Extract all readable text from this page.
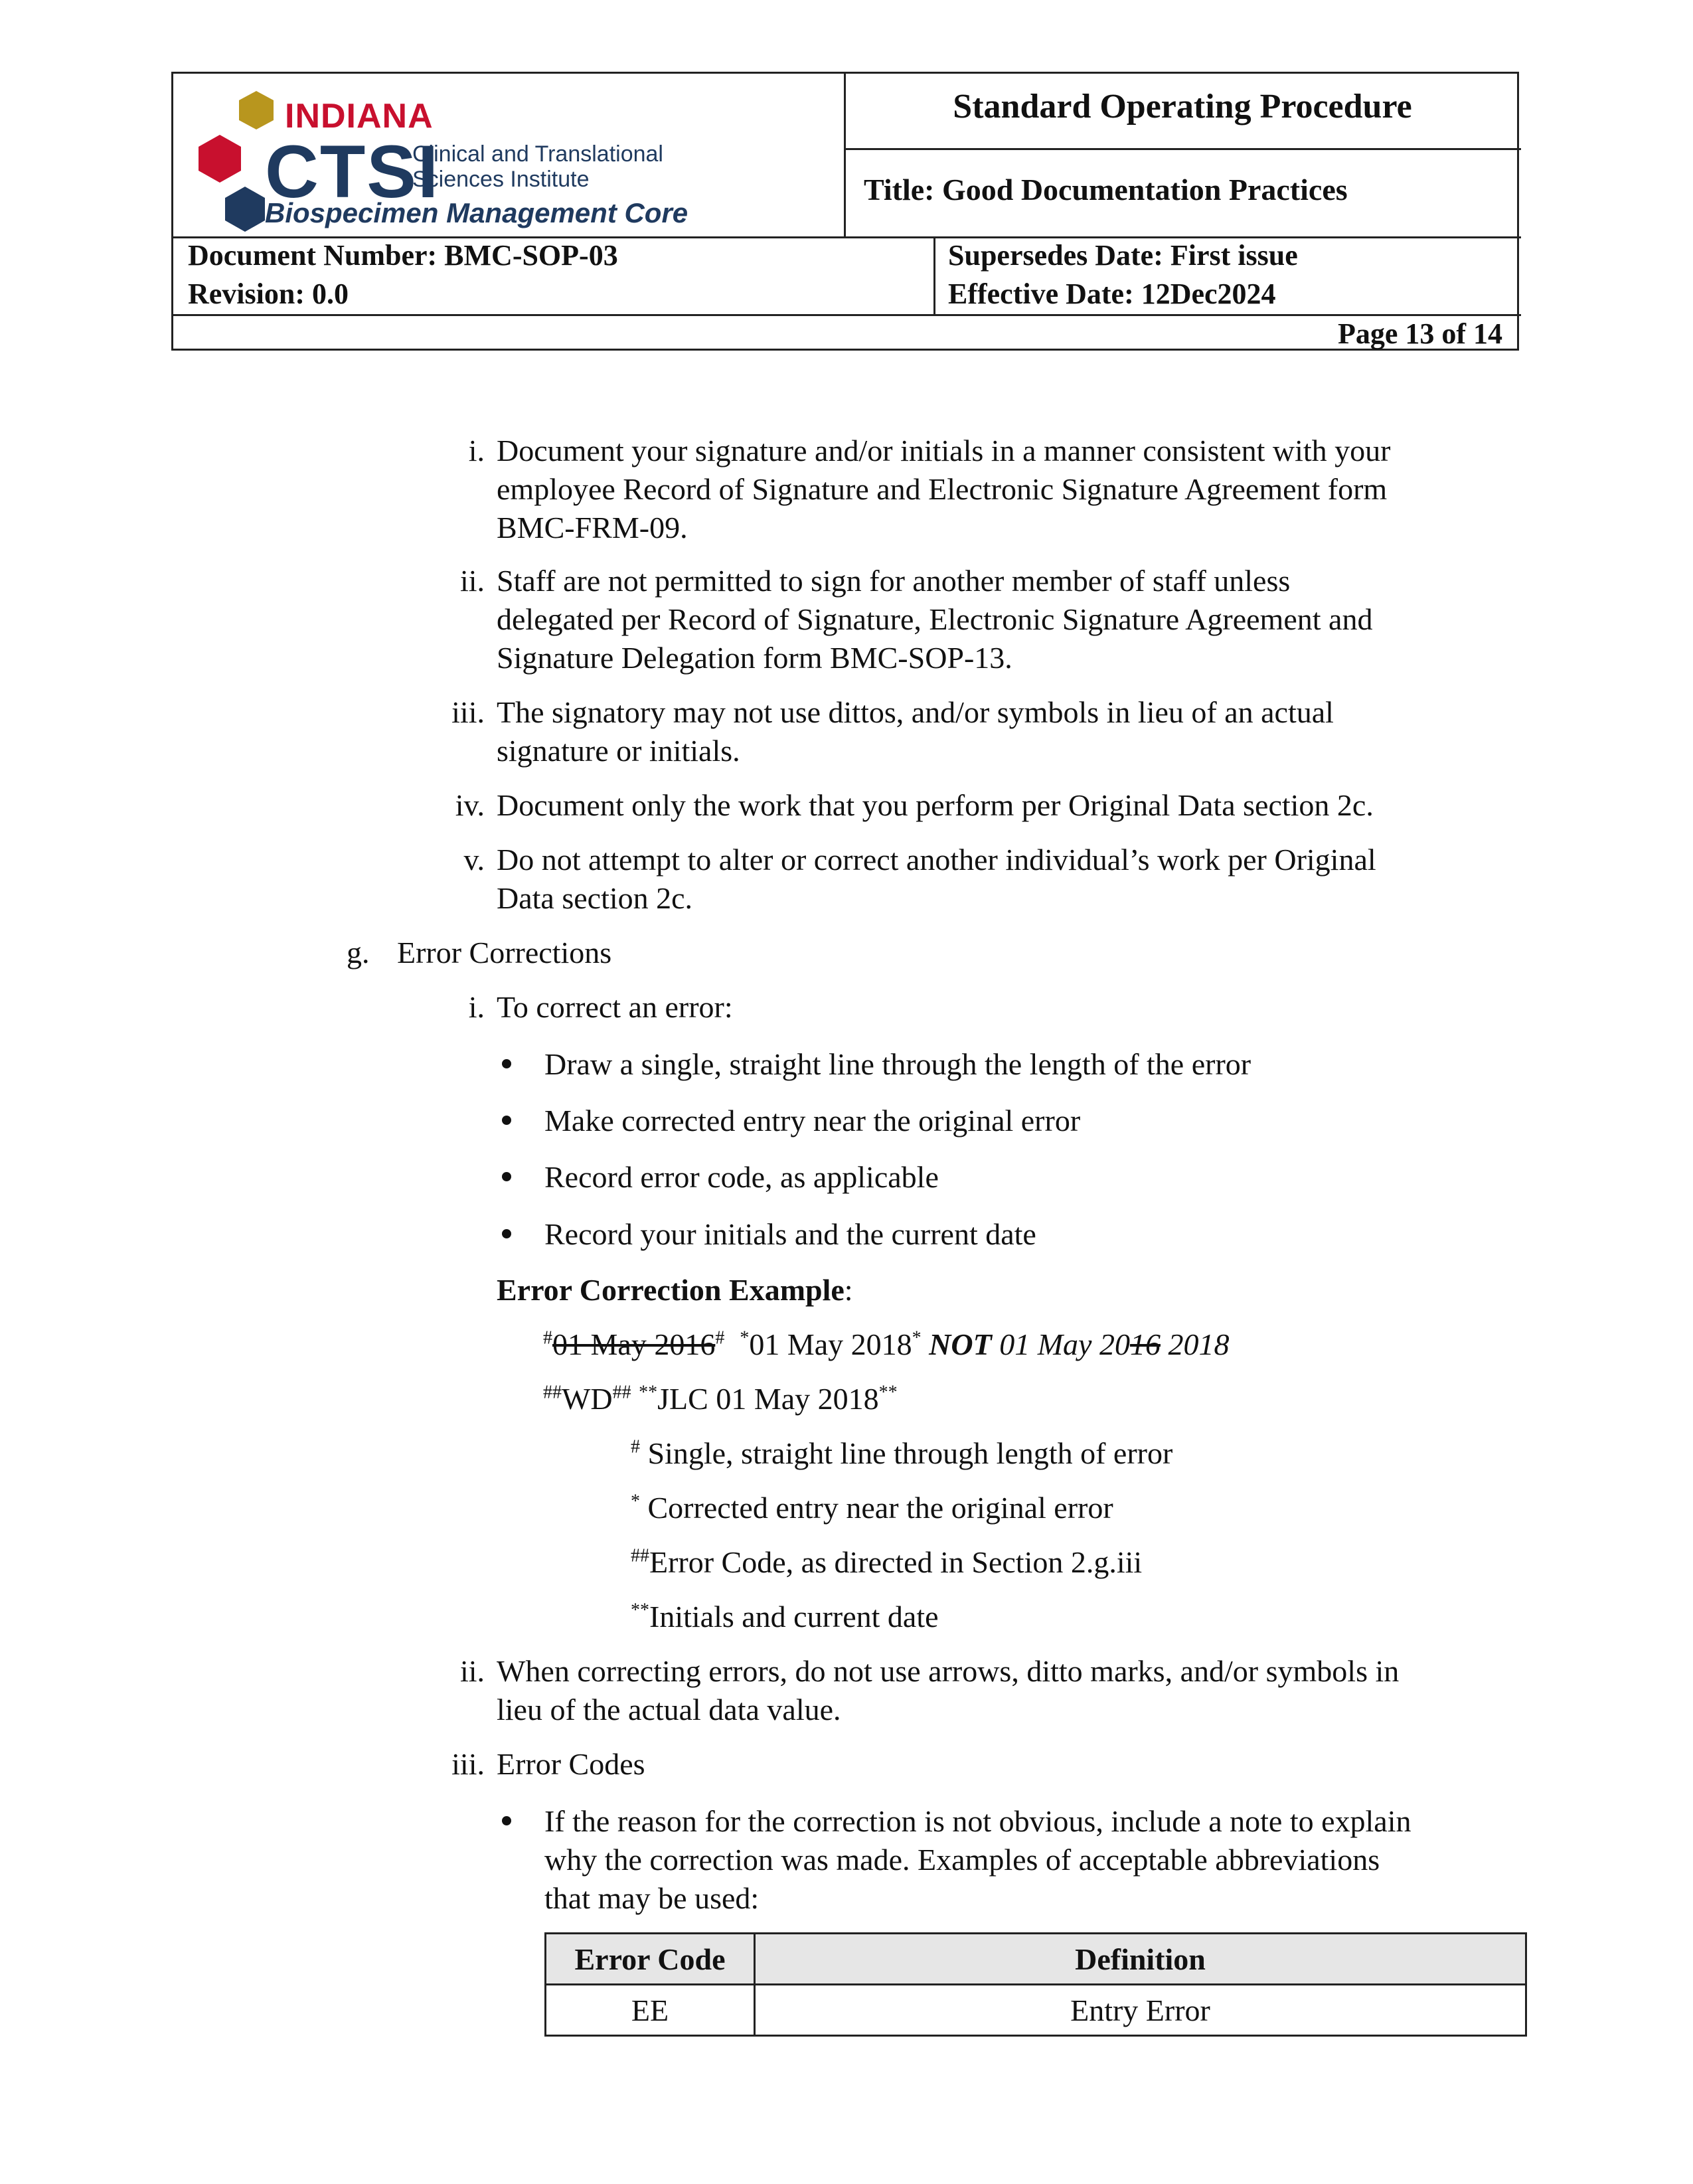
INDIANA
CTSI
Clinical and Translational
Sciences Institute
Biospecimen Management Core
Standard Operating Procedure
Title: Good Documentation Practices
Document Number: BMC-SOP-03
Revision: 0.0
Supersedes Date: First issue
Effective Date: 12Dec2024
Page 13 of 14
i. Document your signature and/or initials in a manner consistent with your
employee Record of Signature and Electronic Signature Agreement form
BMC-FRM-09.
ii. Staff are not permitted to sign for another member of staff unless
delegated per Record of Signature, Electronic Signature Agreement and
Signature Delegation form BMC-SOP-13.
iii. The signatory may not use dittos, and/or symbols in lieu of an actual
signature or initials.
iv. Document only the work that you perform per Original Data section 2c.
v. Do not attempt to alter or correct another individual’s work per Original
Data section 2c.
g. Error Corrections
i. To correct an error:
Draw a single, straight line through the length of the error
Make corrected entry near the original error
Record error code, as applicable
Record your initials and the current date
Error Correction Example:
#01 May 2016# *01 May 2018* NOT 01 May 2016 2018
##WD## **JLC 01 May 2018**
# Single, straight line through length of error
* Corrected entry near the original error
##Error Code, as directed in Section 2.g.iii
**Initials and current date
ii. When correcting errors, do not use arrows, ditto marks, and/or symbols in
lieu of the actual data value.
iii. Error Codes
If the reason for the correction is not obvious, include a note to explain
why the correction was made. Examples of acceptable abbreviations
that may be used:
Error Code	Definition
EE	Entry Error
